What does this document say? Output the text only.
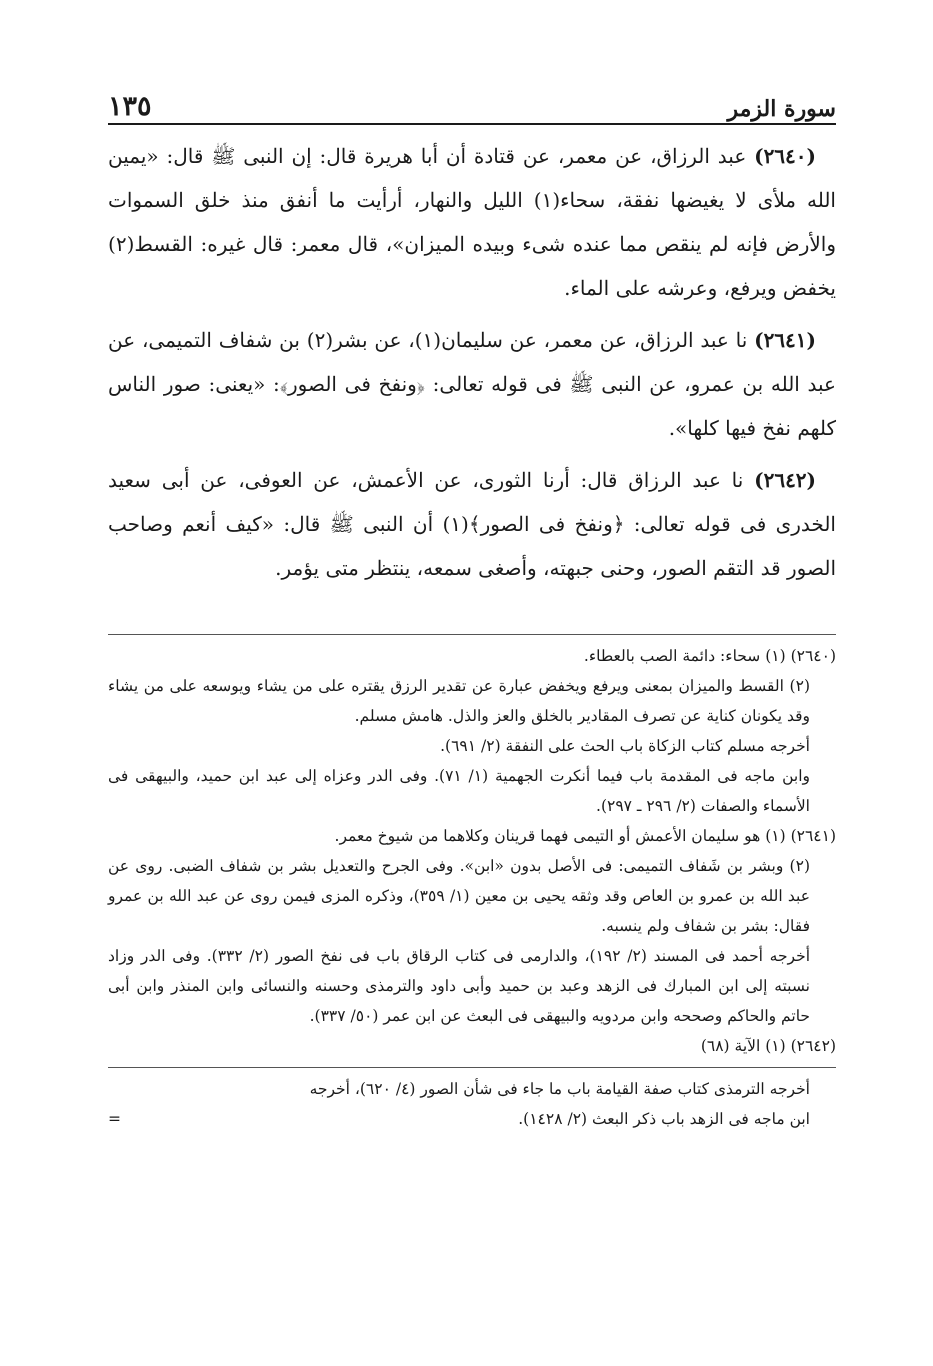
١٣٥	سورة الزمر

(٢٦٤٠) عبد الرزاق، عن معمر، عن قتادة أن أبا هريرة قال: إن النبى ﷺ قال: «يمين الله ملأى لا يغيضها نفقة، سحاء(١) الليل والنهار، أرأيت ما أنفق منذ خلق السموات والأرض فإنه لم ينقص مما عنده شىء وبيده الميزان»، قال معمر: قال غيره: القسط(٢) يخفض ويرفع، وعرشه على الماء.

(٢٦٤١) نا عبد الرزاق، عن معمر، عن سليمان(١)، عن بشر(٢) بن شفاف التميمى، عن عبد الله بن عمرو، عن النبى ﷺ فى قوله تعالى: ﴿ونفخ فى الصور﴾: «يعنى: صور الناس كلهم نفخ فيها كلها».

(٢٦٤٢) نا عبد الرزاق قال: أرنا الثورى، عن الأعمش، عن العوفى، عن أبى سعيد الخدرى فى قوله تعالى: ﴿ونفخ فى الصور﴾(١) أن النبى ﷺ قال: «كيف أنعم وصاحب الصور قد التقم الصور، وحنى جبهته، وأصغى سمعه، ينتظر متى يؤمر.

(٢٦٤٠) (١) سحاء: دائمة الصب بالعطاء.

(٢) القسط والميزان بمعنى ويرفع ويخفض عبارة عن تقدير الرزق يقتره على من يشاء ويوسعه على من يشاء وقد يكونان كناية عن تصرف المقادير بالخلق والعز والذل. هامش مسلم.

أخرجه مسلم كتاب الزكاة باب الحث على النفقة (٢/ ٦٩١).

وابن ماجه فى المقدمة باب فيما أنكرت الجهمية (١/ ٧١). وفى الدر وعزاه إلى عبد ابن حميد، والبيهقى فى الأسماء والصفات (٢/ ٢٩٦ ـ ٢٩٧).

(٢٦٤١) (١) هو سليمان الأعمش أو التيمى فهما قرينان وكلاهما من شيوخ معمر.

(٢) وبشر بن شَفاف التميمى: فى الأصل بدون «ابن». وفى الجرح والتعديل بشر بن شفاف الضبى. روى عن عبد الله بن عمرو بن العاص وقد وثقه يحيى بن معين (١/ ٣٥٩)، وذكره المزى فيمن روى عن عبد الله بن عمرو فقال: بشر بن شفاف ولم ينسبه.

أخرجه أحمد فى المسند (٢/ ١٩٢)، والدارمى فى كتاب الرقاق باب فى نفخ الصور (٢/ ٣٣٢). وفى الدر وزاد نسبته إلى ابن المبارك فى الزهد وعبد بن حميد وأبى داود والترمذى وحسنه والنسائى وابن المنذر وابن أبى حاتم والحاكم وصححه وابن مردويه والبيهقى فى البعث عن ابن عمر (٥٠/ ٣٣٧).

(٢٦٤٢) (١) الآية (٦٨)

أخرجه الترمذى كتاب صفة القيامة باب ما جاء فى شأن الصور (٤/ ٦٢٠)، أخرجه

ابن ماجه فى الزهد باب ذكر البعث (٢/ ١٤٢٨).
=
